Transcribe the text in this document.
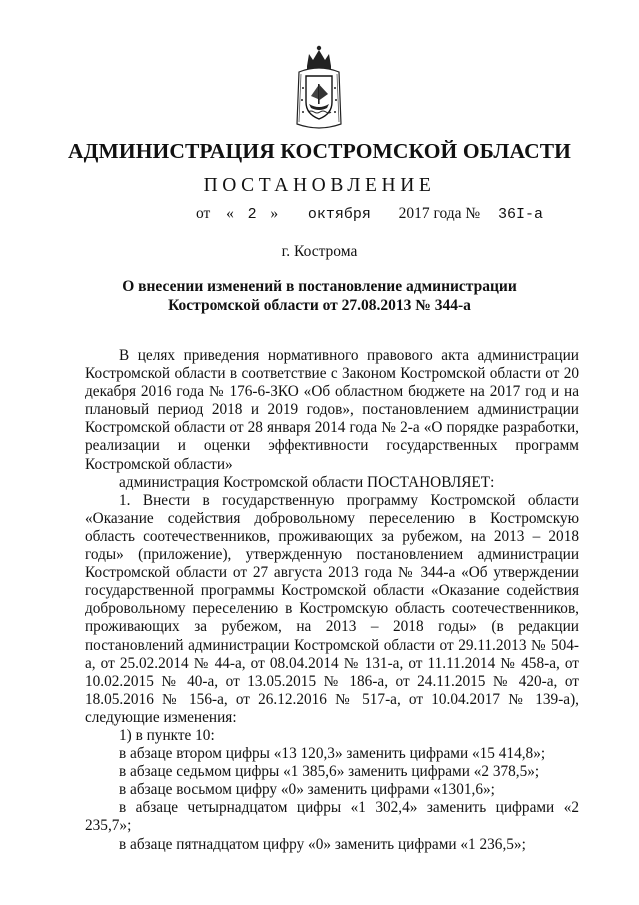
АДМИНИСТРАЦИЯ КОСТРОМСКОЙ ОБЛАСТИ
ПОСТАНОВЛЕНИЕ
от « 2 » октября 2017 года № 36I-а
г. Кострома
О внесении изменений в постановление администрации
Костромской области от 27.08.2013 № 344-а

В целях приведения нормативного правового акта администрации Костромской области в соответствие с Законом Костромской области от 20 декабря 2016 года № 176-6-ЗКО «Об областном бюджете на 2017 год и на плановый период 2018 и 2019 годов», постановлением администрации Костромской области от 28 января 2014 года № 2-а «О порядке разработки, реализации и оценки эффективности государственных программ Костромской области»

администрация Костромской области ПОСТАНОВЛЯЕТ:

1. Внести в государственную программу Костромской области «Оказание содействия добровольному переселению в Костромскую область соотечественников, проживающих за рубежом, на 2013 – 2018 годы» (приложение), утвержденную постановлением администрации Костромской области от 27 августа 2013 года № 344-а «Об утверждении государственной программы Костромской области «Оказание содействия добровольному переселению в Костромскую область соотечественников, проживающих за рубежом, на 2013 – 2018 годы» (в редакции постановлений администрации Костромской области от 29.11.2013 № 504-а, от 25.02.2014 № 44-а, от 08.04.2014 № 131-а, от 11.11.2014 № 458-а, от 10.02.2015 № 40-а, от 13.05.2015 № 186-а, от 24.11.2015 № 420-а, от 18.05.2016 № 156-а, от 26.12.2016 № 517-а, от 10.04.2017 № 139-а), следующие изменения:

1) в пункте 10:

в абзаце втором цифры «13 120,3» заменить цифрами «15 414,8»;

в абзаце седьмом цифры «1 385,6» заменить цифрами «2 378,5»;

в абзаце восьмом цифру «0» заменить цифрами «1301,6»;

в абзаце четырнадцатом цифры «1 302,4» заменить цифрами «2 235,7»;

в абзаце пятнадцатом цифру «0» заменить цифрами «1 236,5»;
